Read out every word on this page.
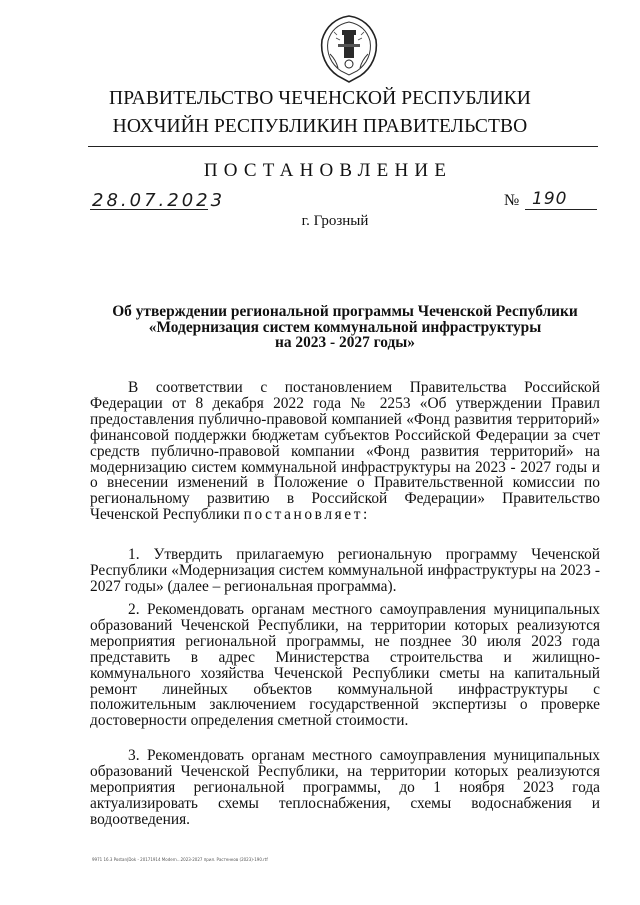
ПРАВИТЕЛЬСТВО ЧЕЧЕНСКОЙ РЕСПУБЛИКИ
НОХЧИЙН РЕСПУБЛИКИН ПРАВИТЕЛЬСТВО
ПОСТАНОВЛЕНИЕ
28.07.2023	№ 190
г. Грозный
Об утверждении региональной программы Чеченской Республики
«Модернизация систем коммунальной инфраструктуры
на 2023 - 2027 годы»

В соответствии с постановлением Правительства Российской Федерации от 8 декабря 2022 года № 2253 «Об утверждении Правил предоставления публично-правовой компанией «Фонд развития территорий» финансовой поддержки бюджетам субъектов Российской Федерации за счет средств публично-правовой компании «Фонд развития территорий» на модернизацию систем коммунальной инфраструктуры на 2023 - 2027 годы и о внесении изменений в Положение о Правительственной комиссии по региональному развитию в Российской Федерации» Правительство Чеченской Республики постановляет:

1. Утвердить прилагаемую региональную программу Чеченской Республики «Модернизация систем коммунальной инфраструктуры на 2023 - 2027 годы» (далее – региональная программа).

2. Рекомендовать органам местного самоуправления муниципальных образований Чеченской Республики, на территории которых реализуются мероприятия региональной программы, не позднее 30 июля 2023 года представить в адрес Министерства строительства и жилищно-коммунального хозяйства Чеченской Республики сметы на капитальный ремонт линейных объектов коммунальной инфраструктуры с положительным заключением государственной экспертизы о проверке достоверности определения сметной стоимости.

3. Рекомендовать органам местного самоуправления муниципальных образований Чеченской Республики, на территории которых реализуются мероприятия региональной программы, до 1 ноября 2023 года актуализировать схемы теплоснабжения, схемы водоснабжения и водоотведения.

9971 16.3 Postan|Dok - 20171914 Modern...2023-2027 прил. Растенков (2023)-190.rtf
